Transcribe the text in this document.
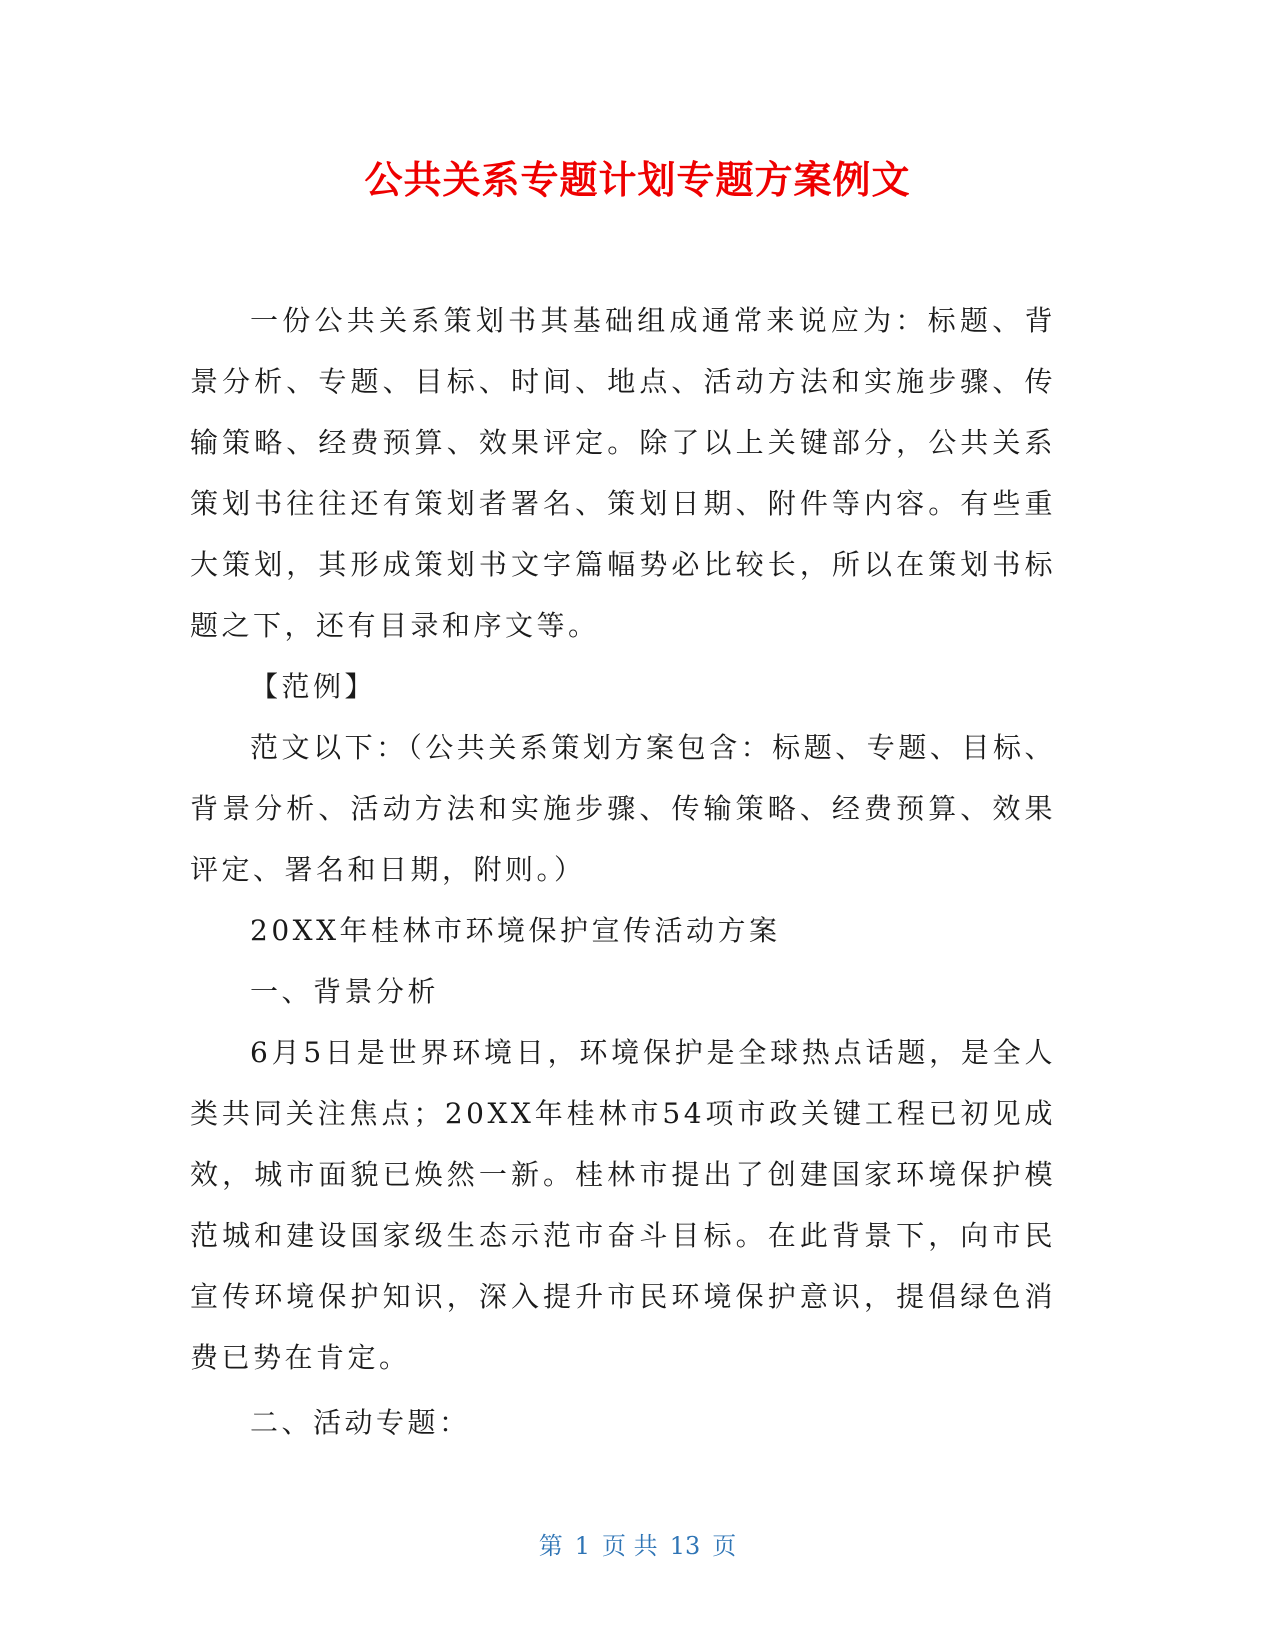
公共关系专题计划专题方案例文

一份公共关系策划书其基础组成通常来说应为：标题、背景分析、专题、目标、时间、地点、活动方法和实施步骤、传输策略、经费预算、效果评定。除了以上关键部分，公共关系策划书往往还有策划者署名、策划日期、附件等内容。有些重大策划，其形成策划书文字篇幅势必比较长，所以在策划书标题之下，还有目录和序文等。

【范例】

范文以下：（公共关系策划方案包含：标题、专题、目标、背景分析、活动方法和实施步骤、传输策略、经费预算、效果评定、署名和日期，附则。）

20XX年桂林市环境保护宣传活动方案

一、背景分析

6月5日是世界环境日，环境保护是全球热点话题，是全人类共同关注焦点；20XX年桂林市54项市政关键工程已初见成效，城市面貌已焕然一新。桂林市提出了创建国家环境保护模范城和建设国家级生态示范市奋斗目标。在此背景下，向市民宣传环境保护知识，深入提升市民环境保护意识，提倡绿色消费已势在肯定。

二、活动专题：

第 1 页 共 13 页
